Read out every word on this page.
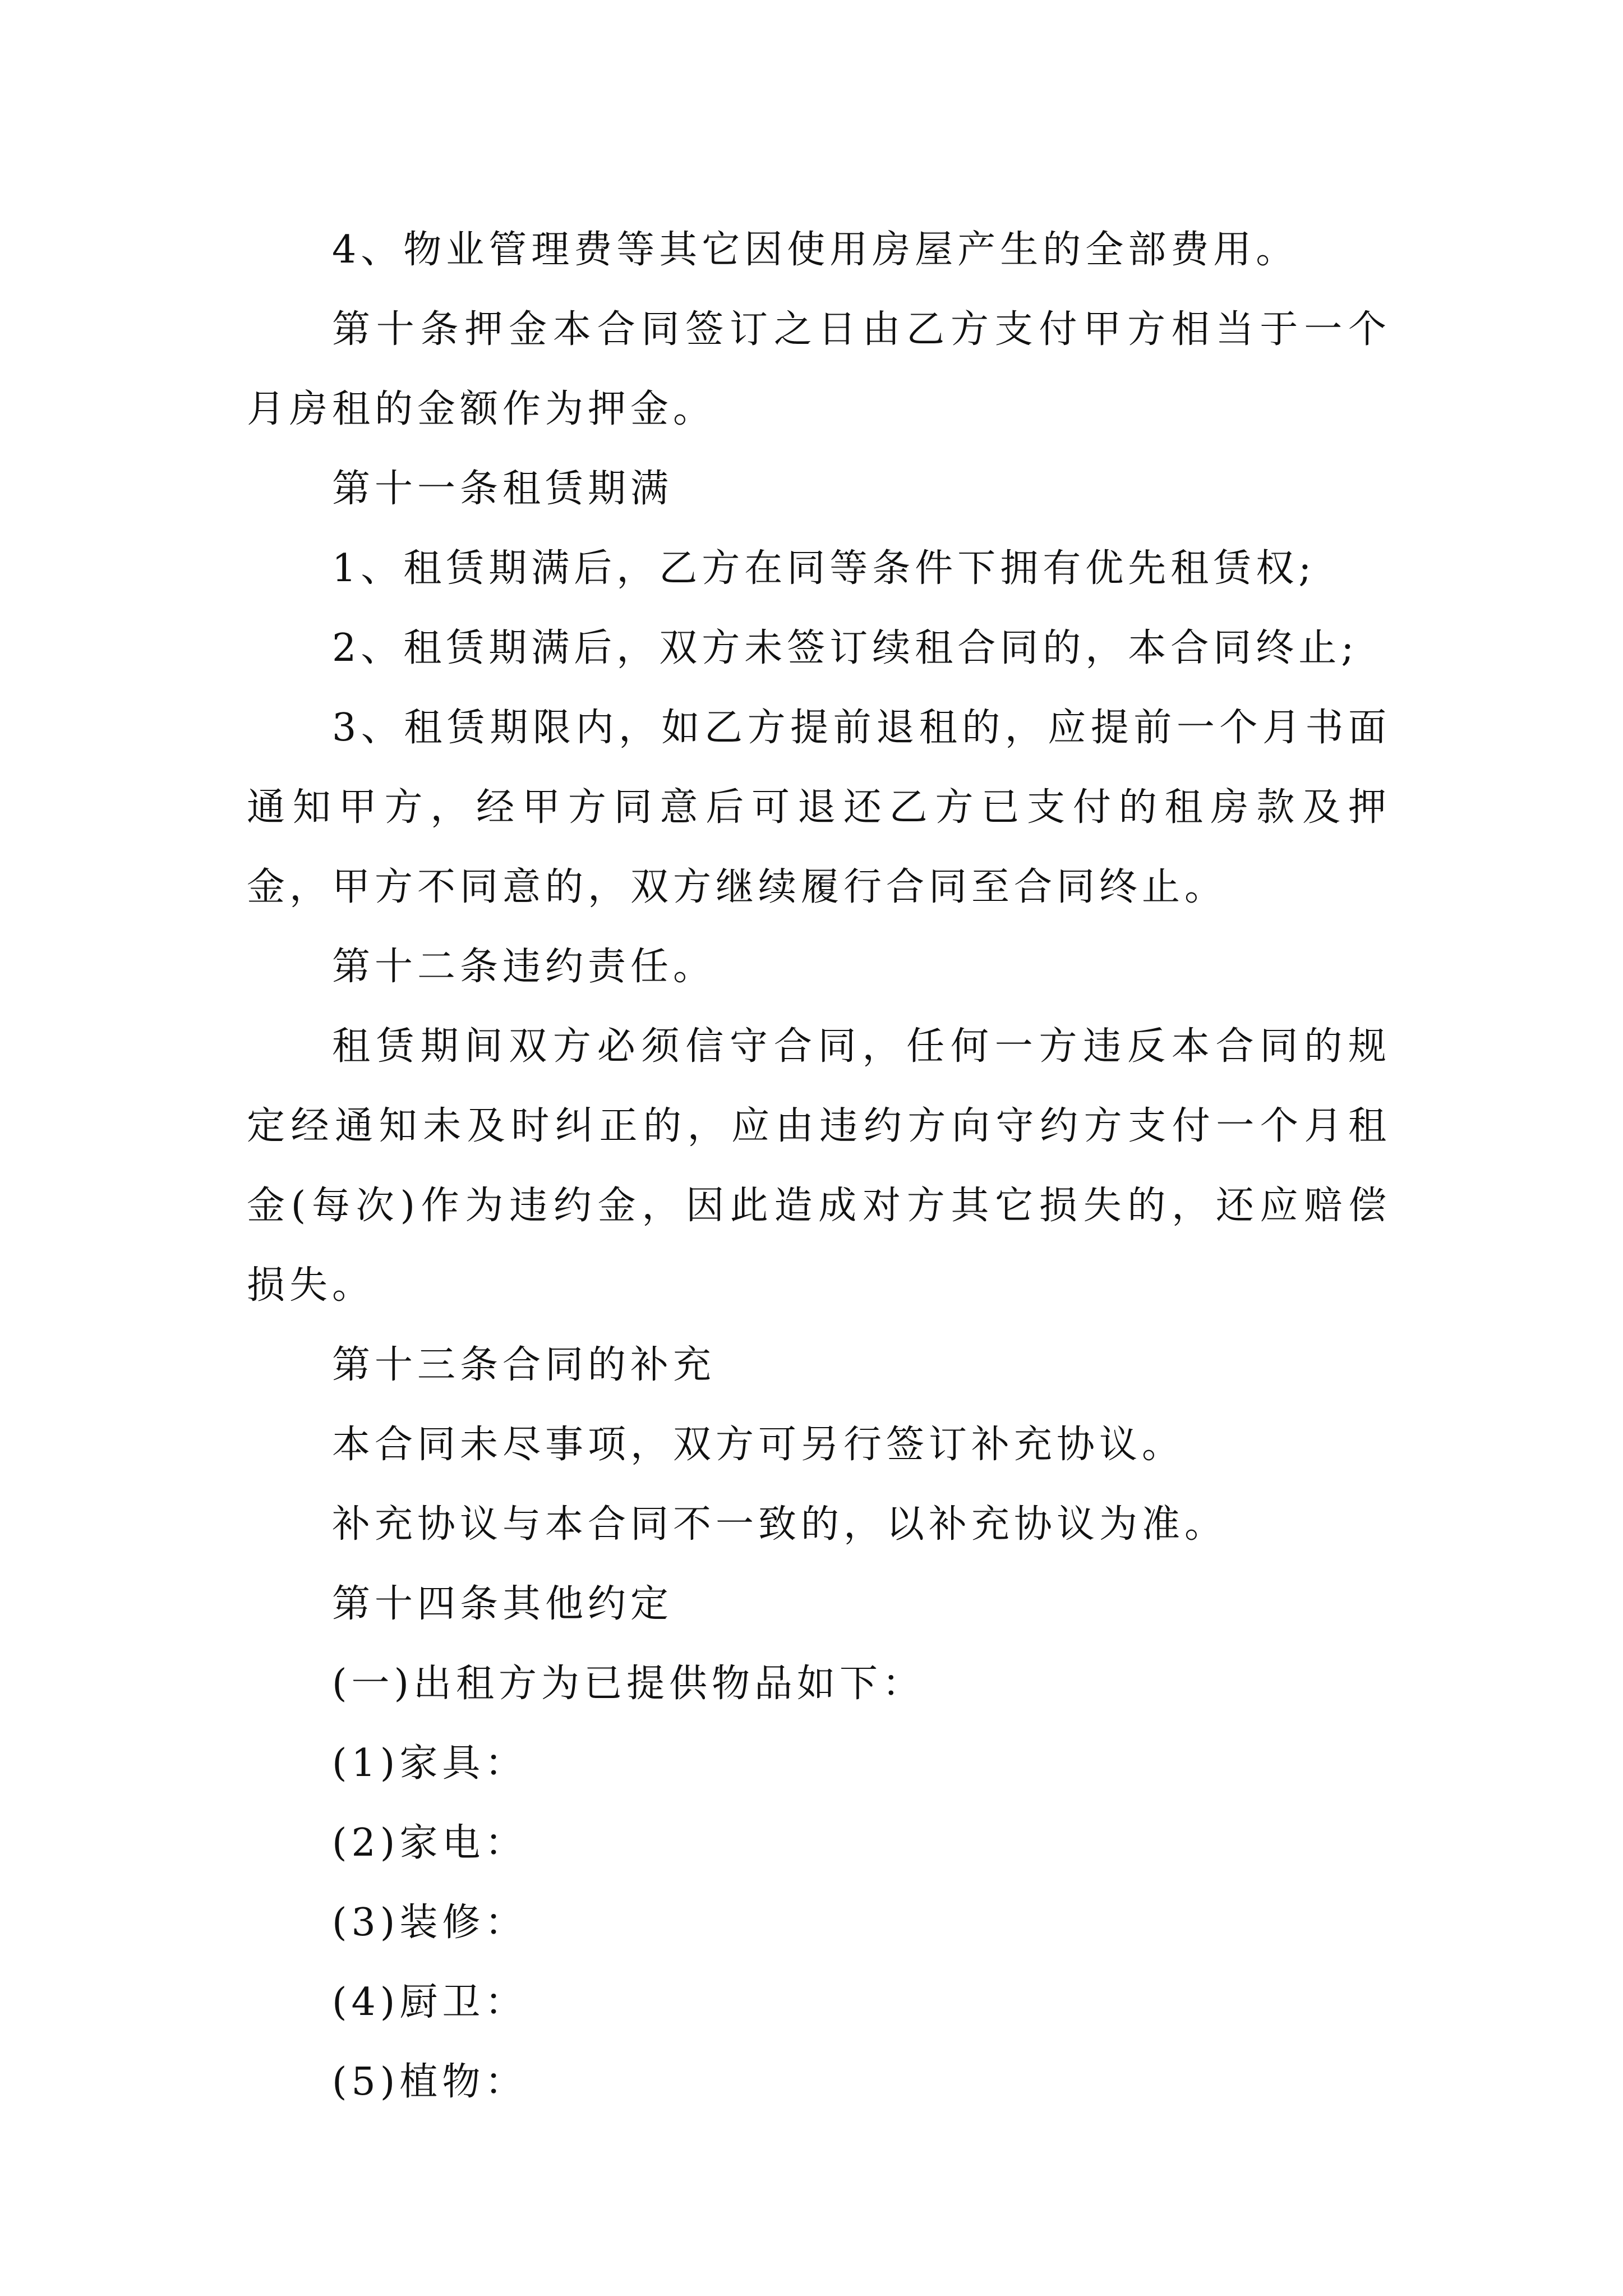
4、物业管理费等其它因使用房屋产生的全部费用。

第十条押金本合同签订之日由乙方支付甲方相当于一个月房租的金额作为押金。

第十一条租赁期满

1、租赁期满后，乙方在同等条件下拥有优先租赁权;

2、租赁期满后，双方未签订续租合同的，本合同终止;

3、租赁期限内，如乙方提前退租的，应提前一个月书面通知甲方，经甲方同意后可退还乙方已支付的租房款及押金，甲方不同意的，双方继续履行合同至合同终止。

第十二条违约责任。

租赁期间双方必须信守合同，任何一方违反本合同的规定经通知未及时纠正的，应由违约方向守约方支付一个月租金(每次)作为违约金，因此造成对方其它损失的，还应赔偿损失。

第十三条合同的补充

本合同未尽事项，双方可另行签订补充协议。

补充协议与本合同不一致的，以补充协议为准。

第十四条其他约定

(一)出租方为已提供物品如下：

(1)家具：

(2)家电：

(3)装修：

(4)厨卫：

(5)植物：
